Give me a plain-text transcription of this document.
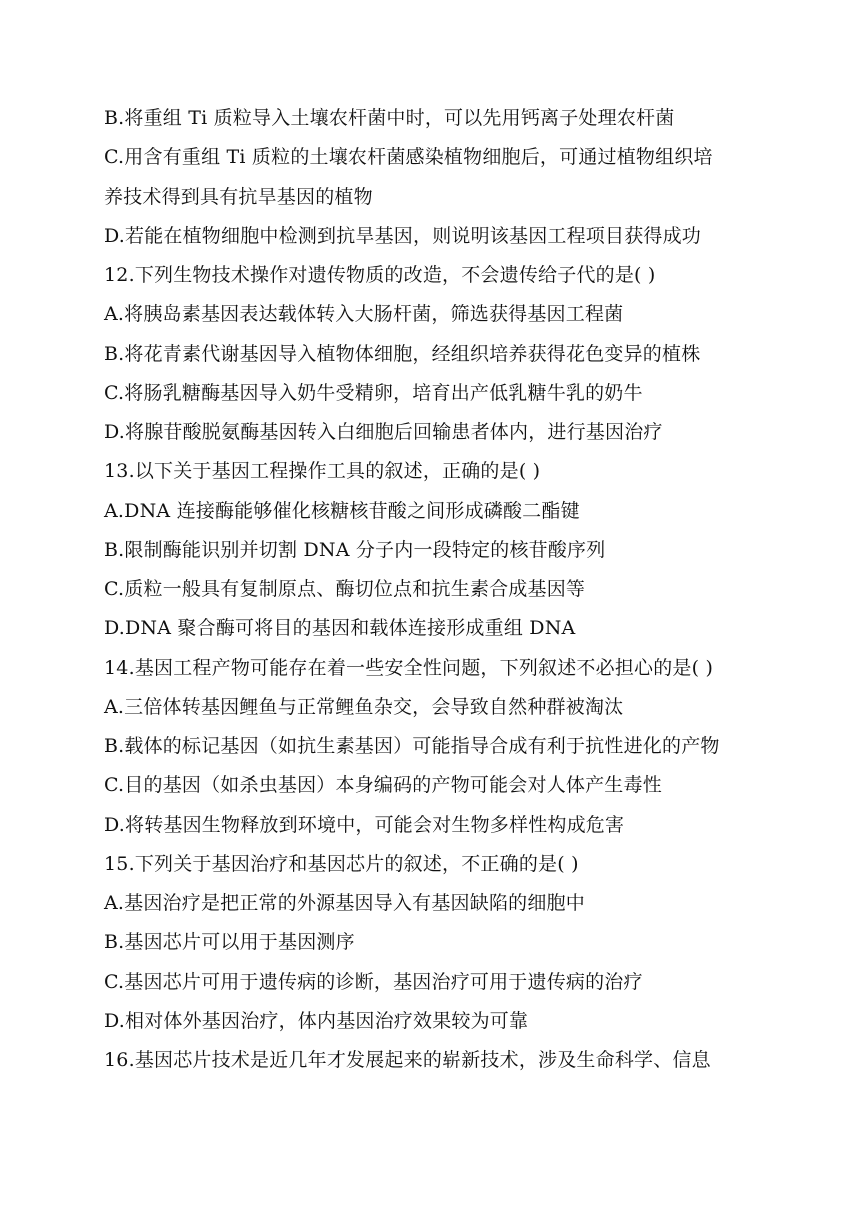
B.将重组 Ti 质粒导入土壤农杆菌中时，可以先用钙离子处理农杆菌
C.用含有重组 Ti 质粒的土壤农杆菌感染植物细胞后，可通过植物组织培
养技术得到具有抗旱基因的植物
D.若能在植物细胞中检测到抗旱基因，则说明该基因工程项目获得成功
12.下列生物技术操作对遗传物质的改造，不会遗传给子代的是( )
A.将胰岛素基因表达载体转入大肠杆菌，筛选获得基因工程菌
B.将花青素代谢基因导入植物体细胞，经组织培养获得花色变异的植株
C.将肠乳糖酶基因导入奶牛受精卵，培育出产低乳糖牛乳的奶牛
D.将腺苷酸脱氨酶基因转入白细胞后回输患者体内，进行基因治疗
13.以下关于基因工程操作工具的叙述，正确的是( )
A.DNA 连接酶能够催化核糖核苷酸之间形成磷酸二酯键
B.限制酶能识别并切割 DNA 分子内一段特定的核苷酸序列
C.质粒一般具有复制原点、酶切位点和抗生素合成基因等
D.DNA 聚合酶可将目的基因和载体连接形成重组 DNA
14.基因工程产物可能存在着一些安全性问题，下列叙述不必担心的是( )
A.三倍体转基因鲤鱼与正常鲤鱼杂交，会导致自然种群被淘汰
B.载体的标记基因（如抗生素基因）可能指导合成有利于抗性进化的产物
C.目的基因（如杀虫基因）本身编码的产物可能会对人体产生毒性
D.将转基因生物释放到环境中，可能会对生物多样性构成危害
15.下列关于基因治疗和基因芯片的叙述，不正确的是( )
A.基因治疗是把正常的外源基因导入有基因缺陷的细胞中
B.基因芯片可以用于基因测序
C.基因芯片可用于遗传病的诊断，基因治疗可用于遗传病的治疗
D.相对体外基因治疗，体内基因治疗效果较为可靠
16.基因芯片技术是近几年才发展起来的崭新技术，涉及生命科学、信息
